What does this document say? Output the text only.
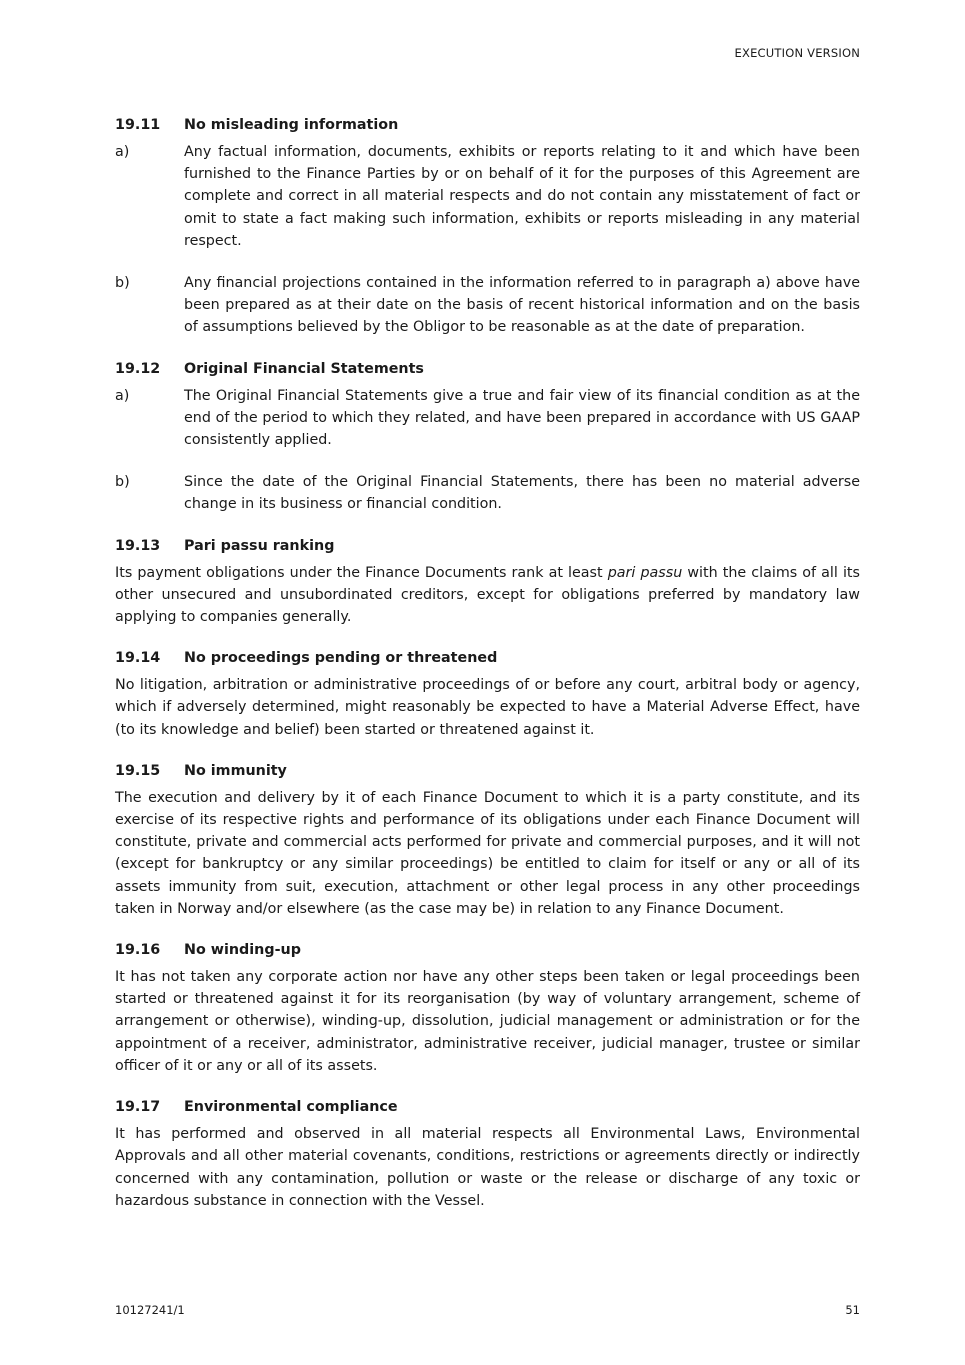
EXECUTION VERSION
19.11	No misleading information
a)	Any factual information, documents, exhibits or reports relating to it and which have been furnished to the Finance Parties by or on behalf of it for the purposes of this Agreement are complete and correct in all material respects and do not contain any misstatement of fact or omit to state a fact making such information, exhibits or reports misleading in any material respect.
b)	Any financial projections contained in the information referred to in paragraph a) above have been prepared as at their date on the basis of recent historical information and on the basis of assumptions believed by the Obligor to be reasonable as at the date of preparation.
19.12	Original Financial Statements
a)	The Original Financial Statements give a true and fair view of its financial condition as at the end of the period to which they related, and have been prepared in accordance with US GAAP consistently applied.
b)	Since the date of the Original Financial Statements, there has been no material adverse change in its business or financial condition.
19.13	Pari passu ranking

Its payment obligations under the Finance Documents rank at least pari passu with the claims of all its other unsecured and unsubordinated creditors, except for obligations preferred by mandatory law applying to companies generally.

19.14	No proceedings pending or threatened

No litigation, arbitration or administrative proceedings of or before any court, arbitral body or agency, which if adversely determined, might reasonably be expected to have a Material Adverse Effect, have (to its knowledge and belief) been started or threatened against it.

19.15	No immunity

The execution and delivery by it of each Finance Document to which it is a party constitute, and its exercise of its respective rights and performance of its obligations under each Finance Document will constitute, private and commercial acts performed for private and commercial purposes, and it will not (except for bankruptcy or any similar proceedings) be entitled to claim for itself or any or all of its assets immunity from suit, execution, attachment or other legal process in any other proceedings taken in Norway and/or elsewhere (as the case may be) in relation to any Finance Document.

19.16	No winding-up

It has not taken any corporate action nor have any other steps been taken or legal proceedings been started or threatened against it for its reorganisation (by way of voluntary arrangement, scheme of arrangement or otherwise), winding-up, dissolution, judicial management or administration or for the appointment of a receiver, administrator, administrative receiver, judicial manager, trustee or similar officer of it or any or all of its assets.

19.17	Environmental compliance

It has performed and observed in all material respects all Environmental Laws, Environmental Approvals and all other material covenants, conditions, restrictions or agreements directly or indirectly concerned with any contamination, pollution or waste or the release or discharge of any toxic or hazardous substance in connection with the Vessel.

10127241/1	51
